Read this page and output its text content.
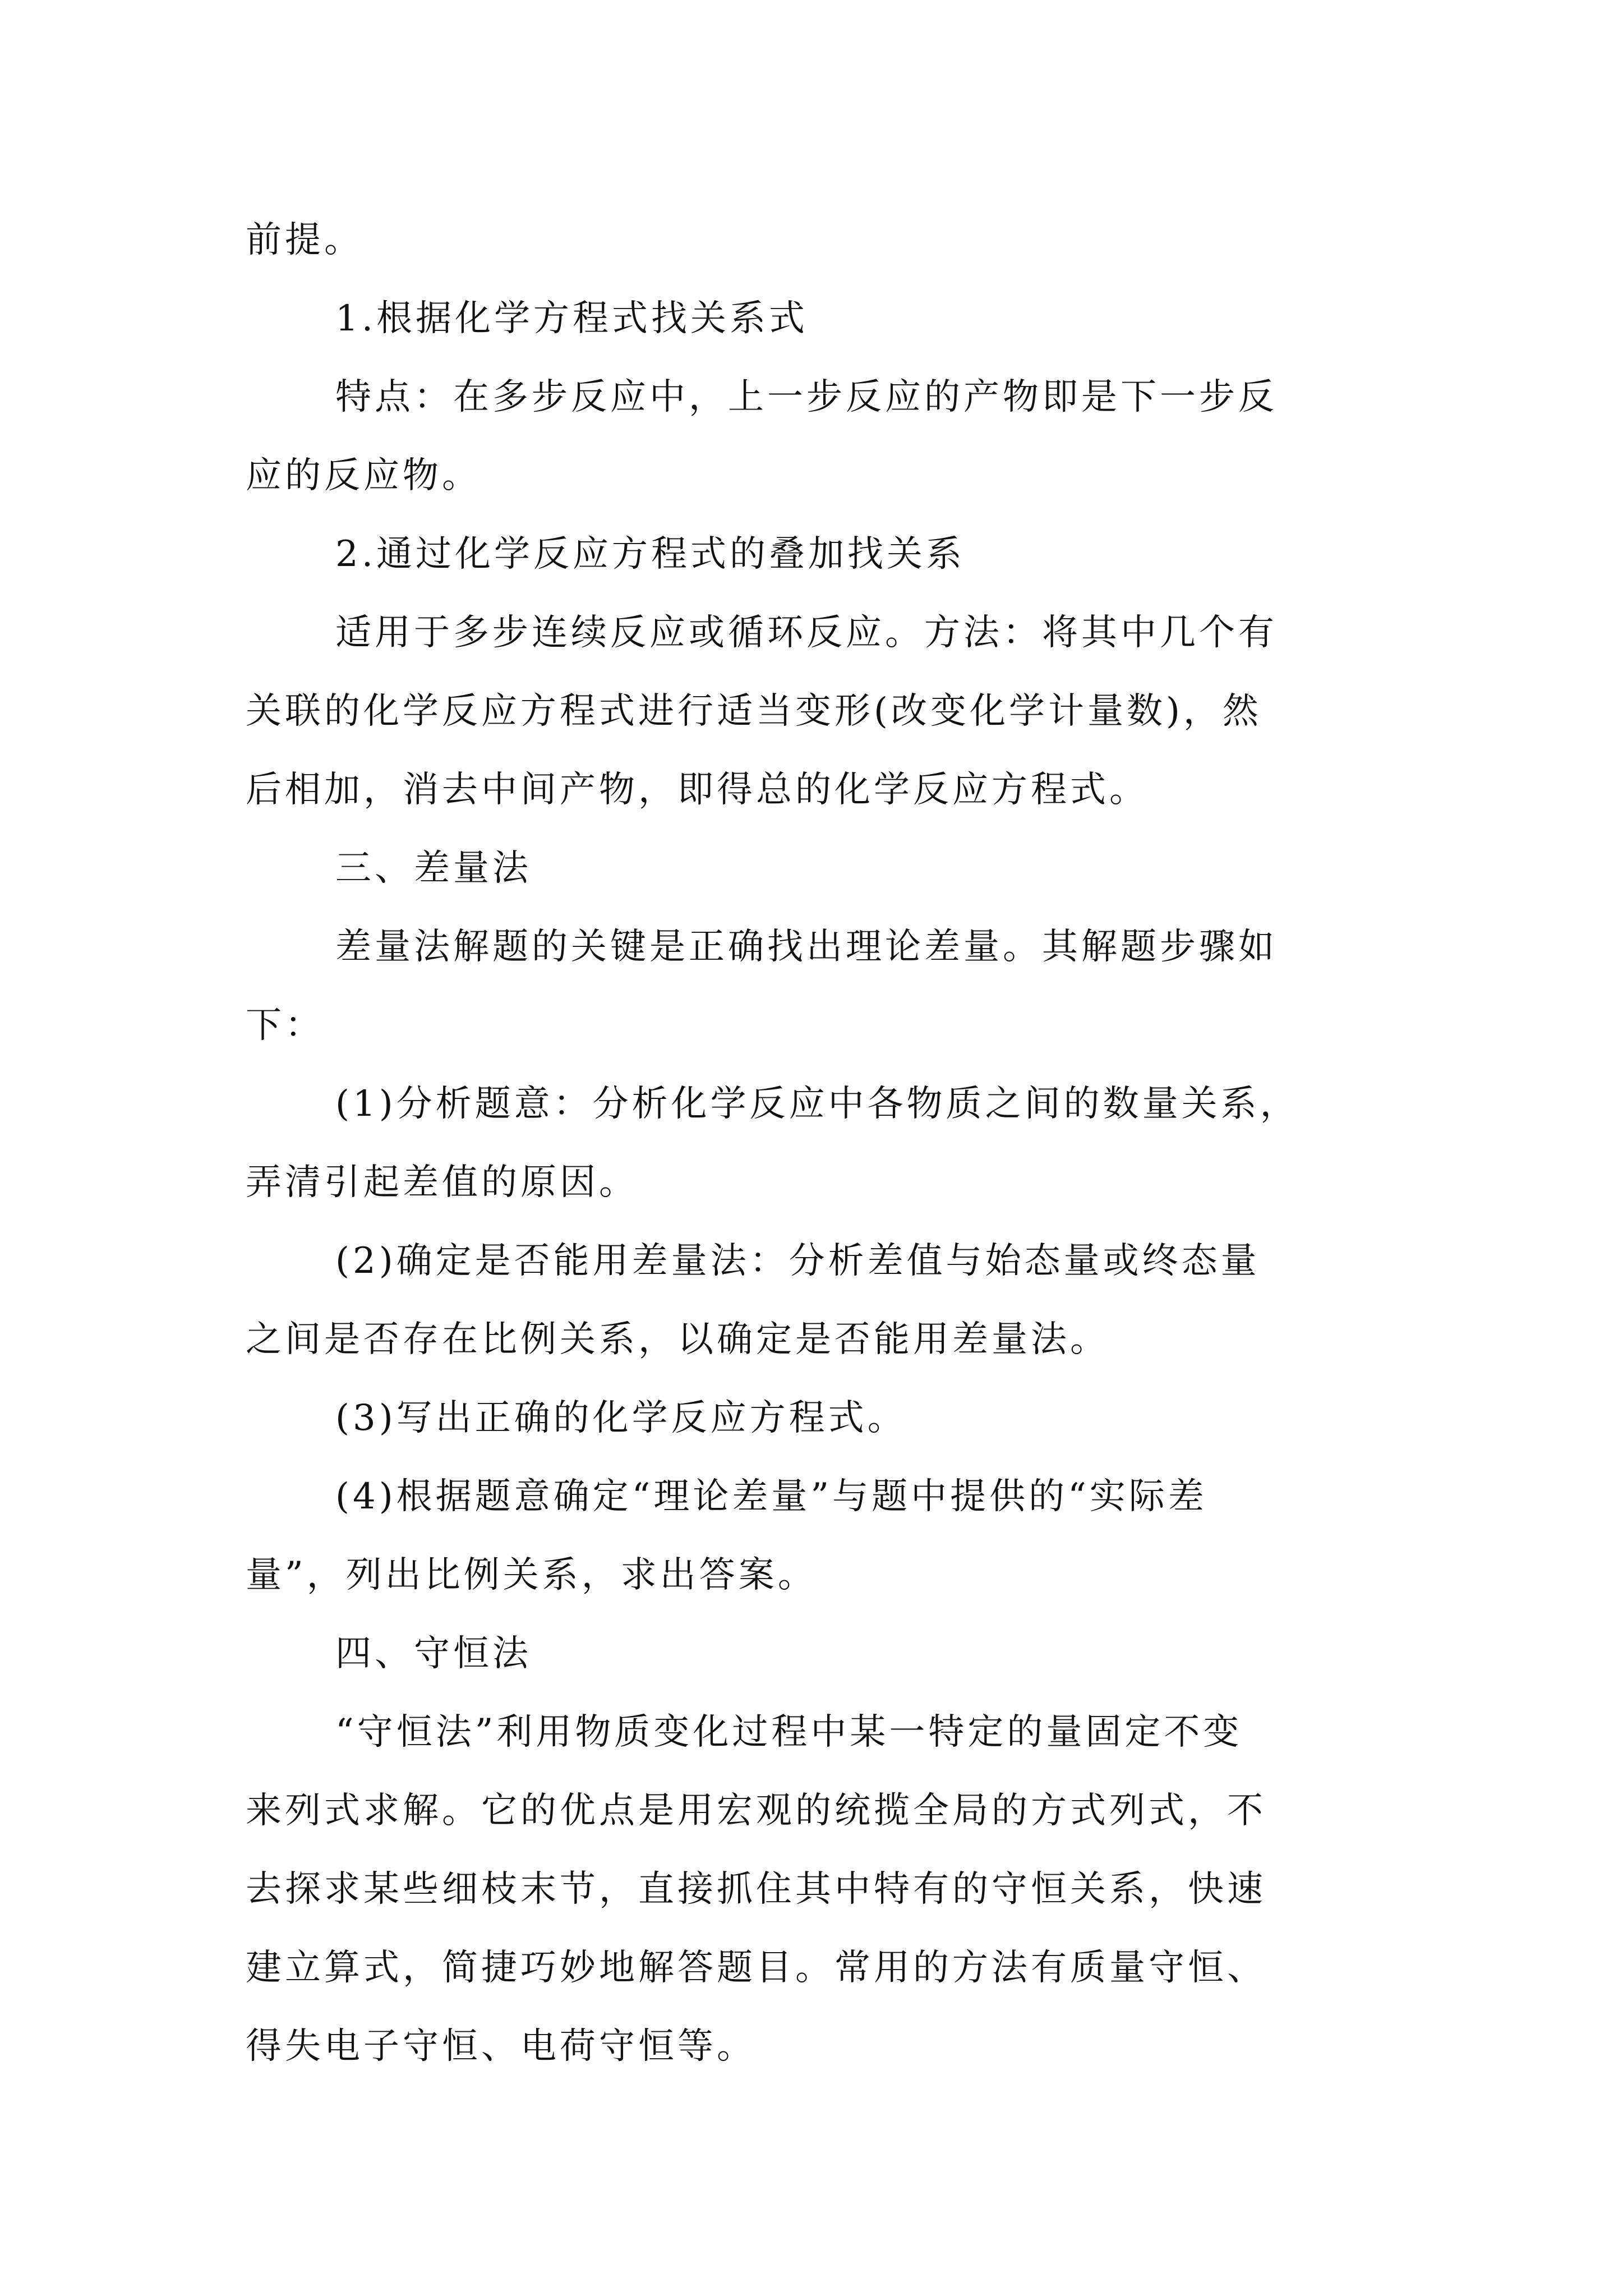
前提。
1.根据化学方程式找关系式
特点：在多步反应中，上一步反应的产物即是下一步反
应的反应物。
2.通过化学反应方程式的叠加找关系
适用于多步连续反应或循环反应。方法：将其中几个有
关联的化学反应方程式进行适当变形(改变化学计量数)，然
后相加，消去中间产物，即得总的化学反应方程式。
三、差量法
差量法解题的关键是正确找出理论差量。其解题步骤如
下：
(1)分析题意：分析化学反应中各物质之间的数量关系，
弄清引起差值的原因。
(2)确定是否能用差量法：分析差值与始态量或终态量
之间是否存在比例关系，以确定是否能用差量法。
(3)写出正确的化学反应方程式。
(4)根据题意确定“理论差量”与题中提供的“实际差
量”，列出比例关系，求出答案。
四、守恒法
“守恒法”利用物质变化过程中某一特定的量固定不变
来列式求解。它的优点是用宏观的统揽全局的方式列式，不
去探求某些细枝末节，直接抓住其中特有的守恒关系，快速
建立算式，简捷巧妙地解答题目。常用的方法有质量守恒、
得失电子守恒、电荷守恒等。
